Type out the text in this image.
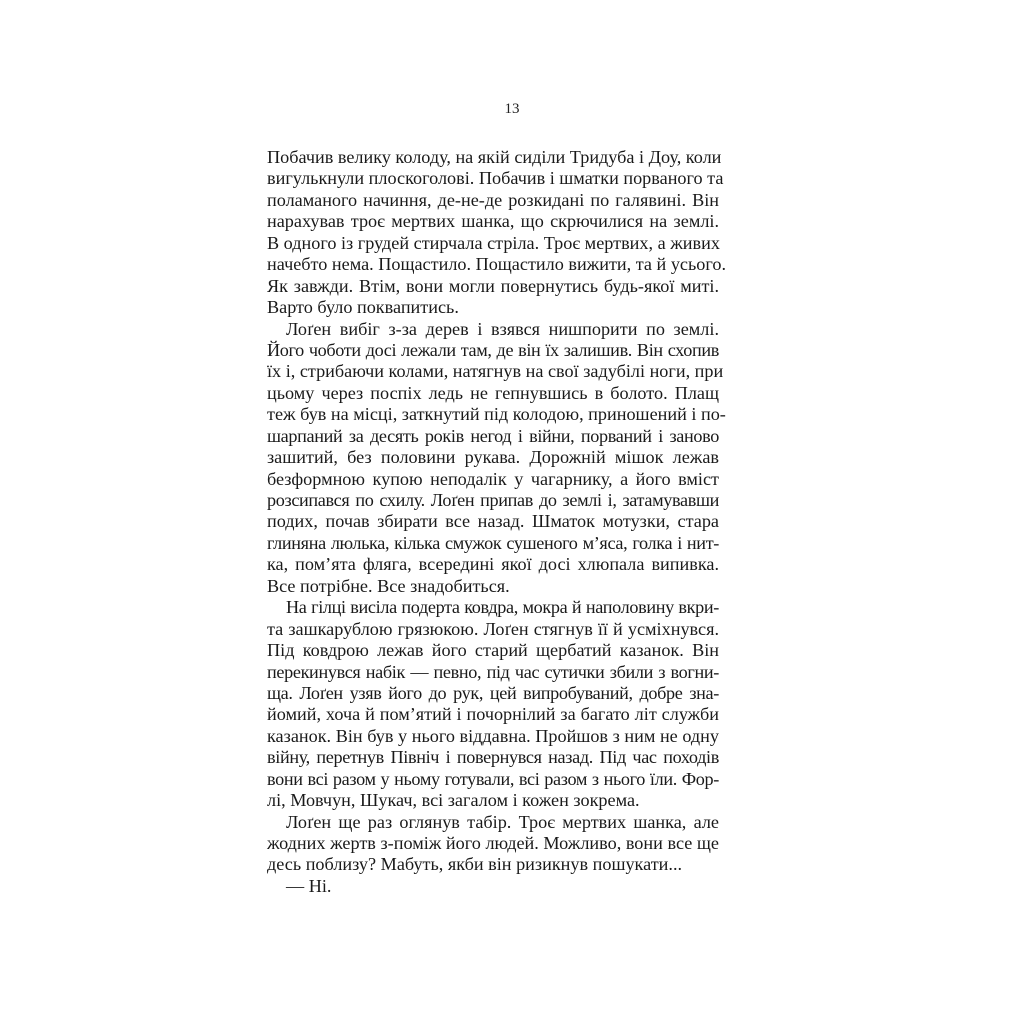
13
Побачив велику колоду, на якій сиділи Тридуба і Доу, коли
вигулькнули плоскоголові. Побачив і шматки порваного та
поламаного начиння, де-не-де розкидані по галявині. Він
нарахував троє мертвих шанка, що скрючилися на землі.
В одного із грудей стирчала стріла. Троє мертвих, а живих
начебто нема. Пощастило. Пощастило вижити, та й усього.
Як завжди. Втім, вони могли повернутись будь-якої миті.
Варто було поквапитись.
Лоґен вибіг з-за дерев і взявся нишпорити по землі.
Його чоботи досі лежали там, де він їх залишив. Він схопив
їх і, стрибаючи колами, натягнув на свої задубілі ноги, при
цьому через поспіх ледь не гепнувшись в болото. Плащ
теж був на місці, заткнутий під колодою, приношений і по-
шарпаний за десять років негод і війни, порваний і заново
зашитий, без половини рукава. Дорожній мішок лежав
безформною купою неподалік у чагарнику, а його вміст
розсипався по схилу. Лоґен припав до землі і, затамувавши
подих, почав збирати все назад. Шматок мотузки, стара
глиняна люлька, кілька смужок сушеного м’яса, голка і нит-
ка, пом’ята фляга, всередині якої досі хлюпала випивка.
Все потрібне. Все знадобиться.
На гілці висіла подерта ковдра, мокра й наполовину вкри-
та зашкарублою грязюкою. Лоґен стягнув її й усміхнувся.
Під ковдрою лежав його старий щербатий казанок. Він
перекинувся набік — певно, під час сутички збили з вогни-
ща. Лоґен узяв його до рук, цей випробуваний, добре зна-
йомий, хоча й пом’ятий і почорнілий за багато літ служби
казанок. Він був у нього віддавна. Пройшов з ним не одну
війну, перетнув Північ і повернувся назад. Під час походів
вони всі разом у ньому готували, всі разом з нього їли. Фор-
лі, Мовчун, Шукач, всі загалом і кожен зокрема.
Лоґен ще раз оглянув табір. Троє мертвих шанка, але
жодних жертв з-поміж його людей. Можливо, вони все ще
десь поблизу? Мабуть, якби він ризикнув пошукати...
— Ні.
